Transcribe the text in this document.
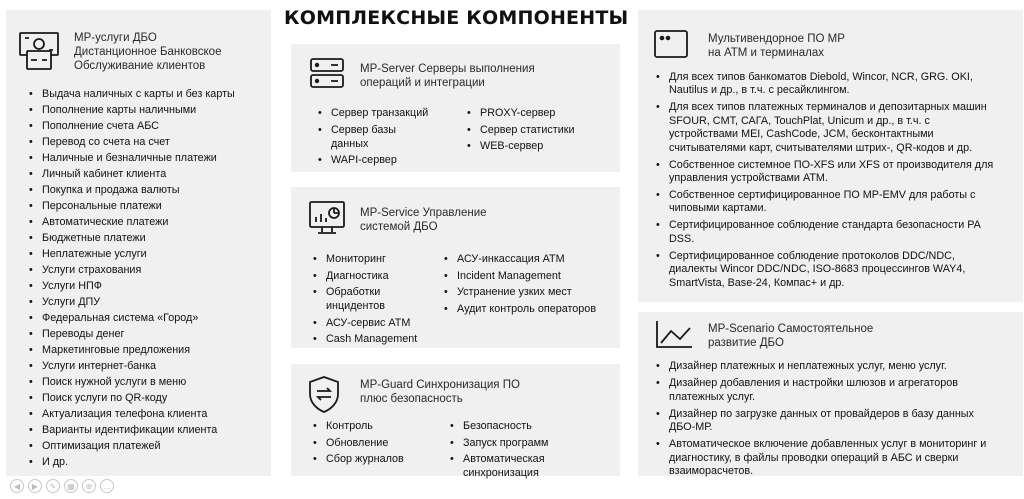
КОМПЛЕКСНЫЕ КОМПОНЕНТЫ
MP-услуги ДБО
Дистанционное Банковское
Обслуживание клиентов
• Выдача наличных с карты и без карты
• Пополнение карты наличными
• Пополнение счета АБС
• Перевод со счета на счет
• Наличные и безналичные платежи
• Личный кабинет клиента
• Покупка и продажа валюты
• Персональные платежи
• Автоматические платежи
• Бюджетные платежи
• Неплатежные услуги
• Услуги страхования
• Услуги НПФ
• Услуги ДПУ
• Федеральная система «Город»
• Переводы денег
• Маркетинговые предложения
• Услуги интернет-банка
• Поиск нужной услуги в меню
• Поиск услуги по QR-коду
• Актуализация телефона клиента
• Варианты идентификации клиента
• Оптимизация платежей
• И др.
MP-Server Серверы выполнения
операций и интеграции
• Сервер транзакций
• Сервер базы данных
• WAPI-сервер
• PROXY-сервер
• Сервер статистики
• WEB-сервер
MP-Service Управление
системой ДБО
• Мониторинг
• Диагностика
• Обработки инцидентов
• АСУ-сервис АТМ
• Cash Management
• АСУ-инкассация АТМ
• Incident Management
• Устранение узких мест
• Аудит контроль операторов
MP-Guard Синхронизация ПО
плюс безопасность
• Контроль
• Обновление
• Сбор журналов
• Безопасность
• Запуск программ
• Автоматическая синхронизация
Мультивендорное ПО МР
на АТМ и терминалах
• Для всех типов банкоматов Diebold, Wincor, NCR, GRG. OKI, Nautilus и др., в т.ч. с ресайклингом.
• Для всех типов платежных терминалов и депозитарных машин SFOUR, CMT, САГА, TouchPlat, Unicum и др., в т.ч. с устройствами MEI, CashCode, JCM, бесконтактными считывателями карт, считывателями штрих-, QR-кодов и др.
• Собственное системное ПО-XFS или XFS от производителя для управления устройствами АТМ.
• Собственное сертифицированное ПО МР-EMV для работы с чиповыми картами.
• Сертифицированное соблюдение стандарта безопасности PA DSS.
• Сертифицированное соблюдение протоколов DDC/NDC, диалекты Wincor DDC/NDC, ISO-8683 процессингов WAY4, SmartVista, Base-24, Компас+ и др.
MP-Scenario Самостоятельное
развитие ДБО
• Дизайнер платежных и неплатежных услуг, меню услуг.
• Дизайнер добавления и настройки шлюзов и агрегаторов платежных услуг.
• Дизайнер по загрузке данных от провайдеров в базу данных ДБО-МР.
• Автоматическое включение добавленных услуг в мониторинг и диагностику, в файлы проводки операций в АБС и сверки взаиморасчетов.
◀	▶	✎	▦	⊕	…
